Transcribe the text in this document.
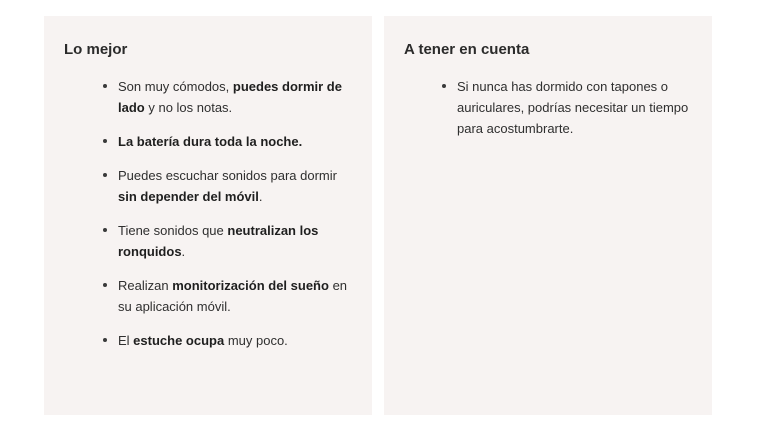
Lo mejor
Son muy cómodos, puedes dormir de lado y no los notas.
La batería dura toda la noche.
Puedes escuchar sonidos para dormir sin depender del móvil.
Tiene sonidos que neutralizan los ronquidos.
Realizan monitorización del sueño en su aplicación móvil.
El estuche ocupa muy poco.
A tener en cuenta
Si nunca has dormido con tapones o auriculares, podrías necesitar un tiempo para acostumbrarte.
